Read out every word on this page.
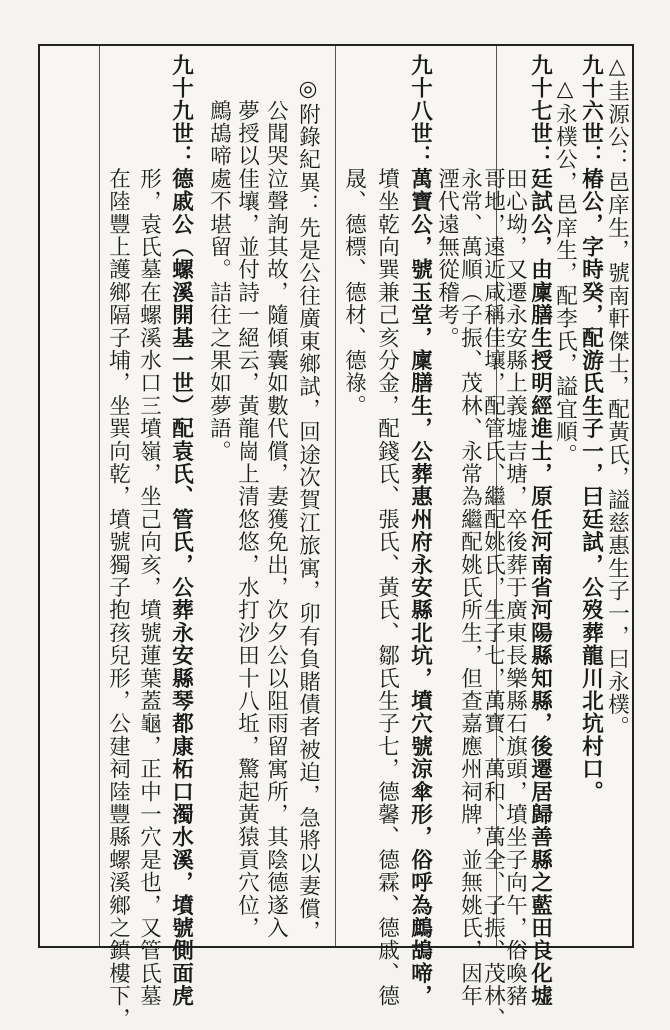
　　　　　在陸豐上護鄉隔子埔，坐巽向乾，墳號獨子抱孩兒形，公建祠陸豐縣螺溪鄉之鎮樓下， 　　　　　形，袁氏墓在螺溪水口三墳嶺，坐己向亥，墳號蓮葉蓋龜，正中一穴是也，又管氏墓 九十九世：德戚公（螺溪開基一世）配袁氏、管氏，公葬永安縣琴都康柘口濁水溪，墳號側面虎 　　鷓鴣啼處不堪留。詰往之果如夢語。 　　夢授以佳壤，並付詩一絕云，黃龍崗上清悠悠，水打沙田十八坵，驚起黃猿貢穴位， 　　公聞哭泣聲詢其故，隨傾囊如數代償，妻獲免出，次夕公以阻雨留寓所，其陰德遂入 　◎附錄紀異：先是公往廣東鄉試，回途次賀江旅寓，卯有負賭債者被迫，急將以妻償， 　　　　　晟、德標、德材、德祿。 　　　　　墳坐乾向巽兼己亥分金，配錢氏、張氏、黃氏、鄒氏生子七，德馨、德霖、德戚、德 九十八世：萬寶公，號玉堂，廩膳生，公葬惠州府永安縣北坑，墳穴號涼傘形，俗呼為鷓鴣啼， 　　　　　湮代遠無從稽考。
　　　　　永常、萬順（子振、茂林、永常為繼配姚氏所生，但查嘉應州祠牌，並無姚氏，因年
　　　　　哥地，遠近咸稱佳壤，配管氏、繼配姚氏，生子七，萬寶、萬和、萬全、子振、茂林、
　　　　　田心坳，又遷永安縣上義墟吉塘，卒後葬于廣東長樂縣石旗頭，墳坐子向午，俗喚豬 九十七世：廷試公，由廩膳生授明經進士，原任河南省河陽縣知縣，後遷居歸善縣之藍田良化墟 　△永樸公，邑庠生，配李氏，謚宜順。 九十六世：椿公，字時癸，配游氏生子一，曰廷試，公歿葬龍川北坑村口。 △圭源公：邑庠生，號南軒傑士，配黃氏，謚慈惠生子一，曰永樸。
